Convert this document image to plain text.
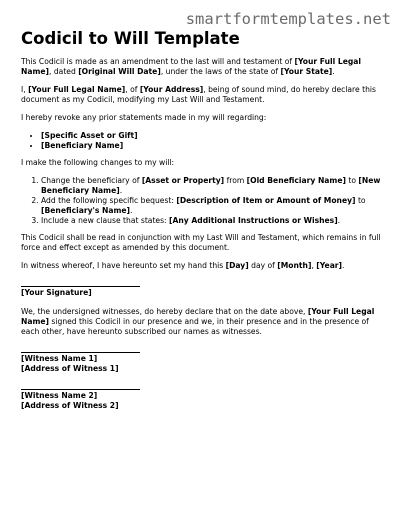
smartformtemplates.net
Codicil to Will Template

This Codicil is made as an amendment to the last will and testament of [Your Full Legal Name], dated [Original Will Date], under the laws of the state of [Your State].

I, [Your Full Legal Name], of [Your Address], being of sound mind, do hereby declare this document as my Codicil, modifying my Last Will and Testament.

I hereby revoke any prior statements made in my will regarding:

• [Specific Asset or Gift]
• [Beneficiary Name]

I make the following changes to my will:

1. Change the beneficiary of [Asset or Property] from [Old Beneficiary Name] to [New Beneficiary Name].
2. Add the following specific bequest: [Description of Item or Amount of Money] to [Beneficiary's Name].
3. Include a new clause that states: [Any Additional Instructions or Wishes].

This Codicil shall be read in conjunction with my Last Will and Testament, which remains in full force and effect except as amended by this document.

In witness whereof, I have hereunto set my hand this [Day] day of [Month], [Year].

[Your Signature]

We, the undersigned witnesses, do hereby declare that on the date above, [Your Full Legal Name] signed this Codicil in our presence and we, in their presence and in the presence of each other, have hereunto subscribed our names as witnesses.

[Witness Name 1]
[Address of Witness 1]
[Witness Name 2]
[Address of Witness 2]
